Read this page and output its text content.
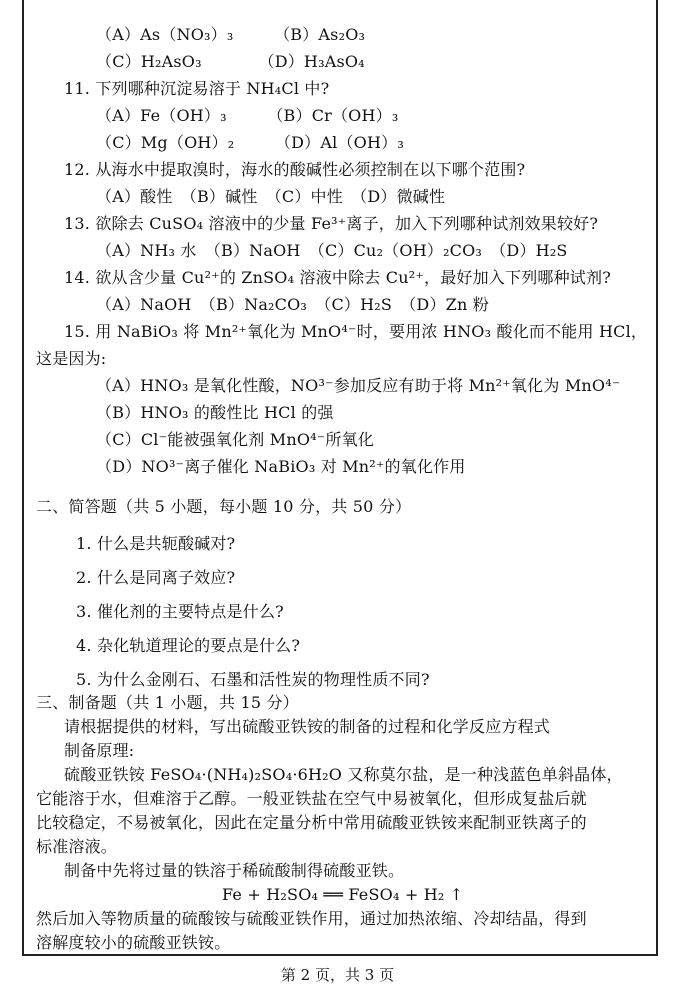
（A）As（NO₃）₃　　　（B）As₂O₃
（C）H₂AsO₃　　　　（D）H₃AsO₄
11. 下列哪种沉淀易溶于 NH₄Cl 中?
（A）Fe（OH）₃　　　（B）Cr（OH）₃
（C）Mg（OH）₂　　　（D）Al（OH）₃
12. 从海水中提取溴时，海水的酸碱性必须控制在以下哪个范围?
（A）酸性　（B）碱性　（C）中性　（D）微碱性
13. 欲除去 CuSO₄ 溶液中的少量 Fe³⁺离子，加入下列哪种试剂效果较好?
（A）NH₃ 水　（B）NaOH　（C）Cu₂（OH）₂CO₃　（D）H₂S
14. 欲从含少量 Cu²⁺的 ZnSO₄ 溶液中除去 Cu²⁺，最好加入下列哪种试剂?
（A）NaOH　（B）Na₂CO₃　（C）H₂S　（D）Zn 粉
15. 用 NaBiO₃ 将 Mn²⁺氧化为 MnO⁴⁻时，要用浓 HNO₃ 酸化而不能用 HCl，
这是因为:
（A）HNO₃ 是氧化性酸，NO³⁻参加反应有助于将 Mn²⁺氧化为 MnO⁴⁻
（B）HNO₃ 的酸性比 HCl 的强
（C）Cl⁻能被强氧化剂 MnO⁴⁻所氧化
（D）NO³⁻离子催化 NaBiO₃ 对 Mn²⁺的氧化作用
二、简答题（共 5 小题，每小题 10 分，共 50 分）
1. 什么是共轭酸碱对?
2. 什么是同离子效应?
3. 催化剂的主要特点是什么?
4. 杂化轨道理论的要点是什么?
5. 为什么金刚石、石墨和活性炭的物理性质不同?
三、制备题（共 1 小题，共 15 分）
请根据提供的材料，写出硫酸亚铁铵的制备的过程和化学反应方程式
制备原理:
硫酸亚铁铵 FeSO₄·(NH₄)₂SO₄·6H₂O 又称莫尔盐，是一种浅蓝色单斜晶体，
它能溶于水，但难溶于乙醇。一般亚铁盐在空气中易被氧化，但形成复盐后就
比较稳定，不易被氧化，因此在定量分析中常用硫酸亚铁铵来配制亚铁离子的
标准溶液。
制备中先将过量的铁溶于稀硫酸制得硫酸亚铁。
Fe + H₂SO₄ ══ FeSO₄ + H₂ ↑
然后加入等物质量的硫酸铵与硫酸亚铁作用，通过加热浓缩、冷却结晶，得到
溶解度较小的硫酸亚铁铵。
第 2 页，共 3 页
